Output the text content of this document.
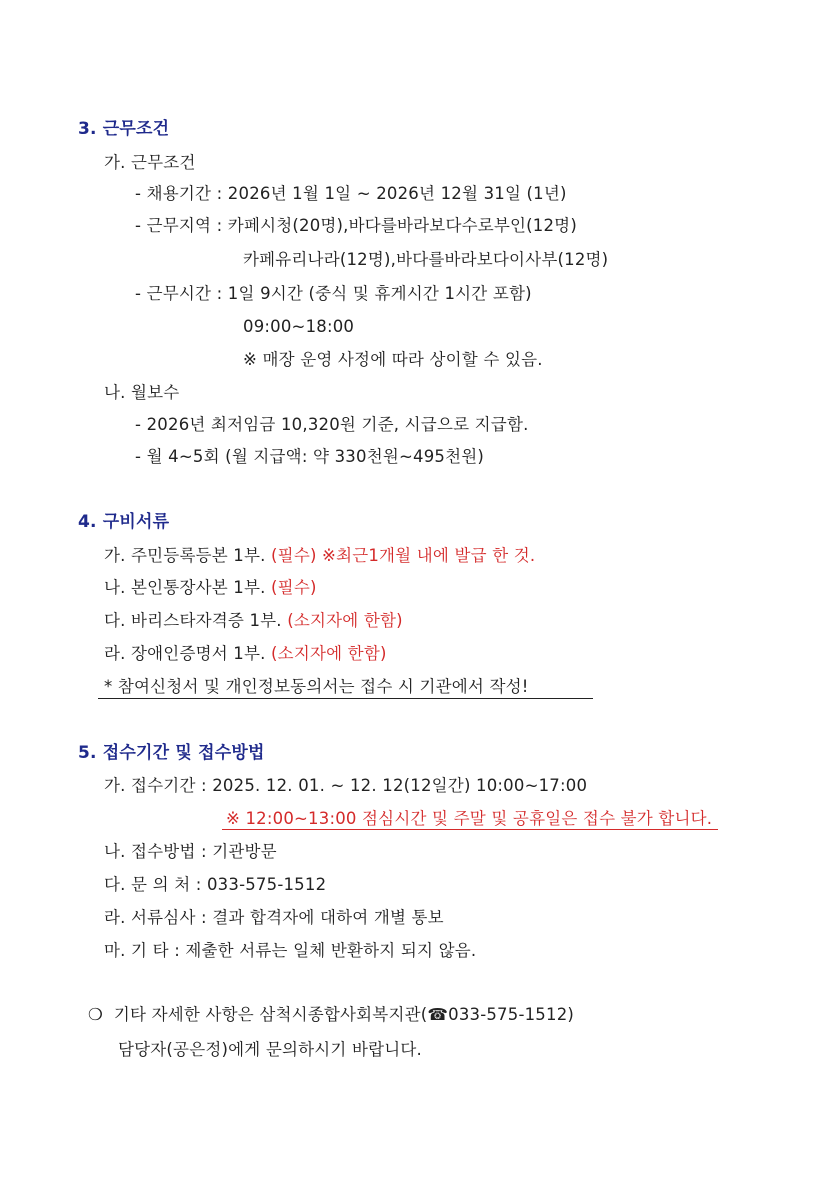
3. 근무조건
가. 근무조건
- 채용기간 : 2026년 1월 1일 ~ 2026년 12월 31일 (1년)
- 근무지역 : 카페시청(20명),바다를바라보다수로부인(12명)
카페유리나라(12명),바다를바라보다이사부(12명)
- 근무시간 : 1일 9시간 (중식 및 휴게시간 1시간 포함)
09:00~18:00
※ 매장 운영 사정에 따라 상이할 수 있음.
나. 월보수
- 2026년 최저임금 10,320원 기준, 시급으로 지급함.
- 월 4~5회 (월 지급액: 약 330천원~495천원)
4. 구비서류
가. 주민등록등본 1부. (필수) ※최근1개월 내에 발급 한 것.
나. 본인통장사본 1부. (필수)
다. 바리스타자격증 1부. (소지자에 한함)
라. 장애인증명서 1부. (소지자에 한함)
* 참여신청서 및 개인정보동의서는 접수 시 기관에서 작성!
5. 접수기간 및 접수방법
가. 접수기간 : 2025. 12. 01. ~ 12. 12(12일간) 10:00~17:00
※ 12:00~13:00 점심시간 및 주말 및 공휴일은 접수 불가 합니다.
나. 접수방법 : 기관방문
다. 문 의 처 : 033-575-1512
라. 서류심사 : 결과 합격자에 대하여 개별 통보
마. 기 타 : 제출한 서류는 일체 반환하지 되지 않음.
❍ 기타 자세한 사항은 삼척시종합사회복지관(☎033-575-1512)
담당자(공은정)에게 문의하시기 바랍니다.
